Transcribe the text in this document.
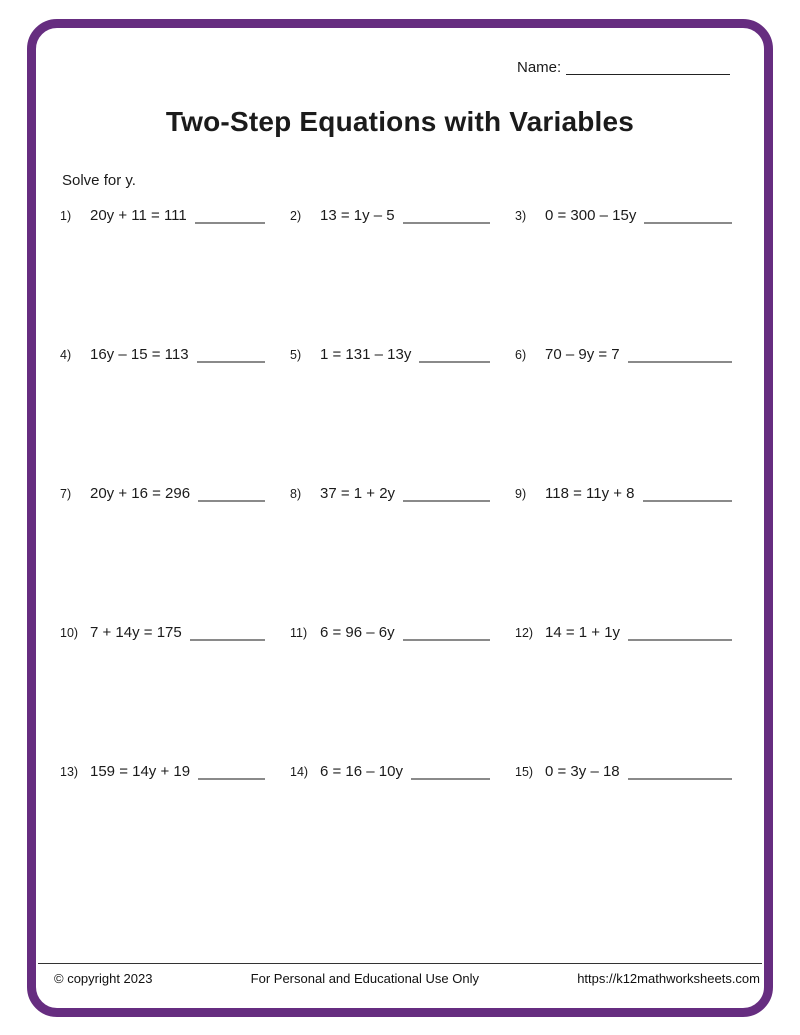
Name:
Two-Step Equations with Variables
Solve for y.
1)	20y + 11 = 111	2)	13 = 1y – 5	3)	0 = 300 – 15y
4)	16y – 15 = 113	5)	1 = 131 – 13y	6)	70 – 9y = 7
7)	20y + 16 = 296	8)	37 = 1 + 2y	9)	118 = 11y + 8
10) 7 + 14y = 175	11) 6 = 96 – 6y	12) 14 = 1 + 1y
13) 159 = 14y + 19	14) 6 = 16 – 10y	15) 0 = 3y – 18
© copyright 2023	For Personal and Educational Use Only	https://k12mathworksheets.com
